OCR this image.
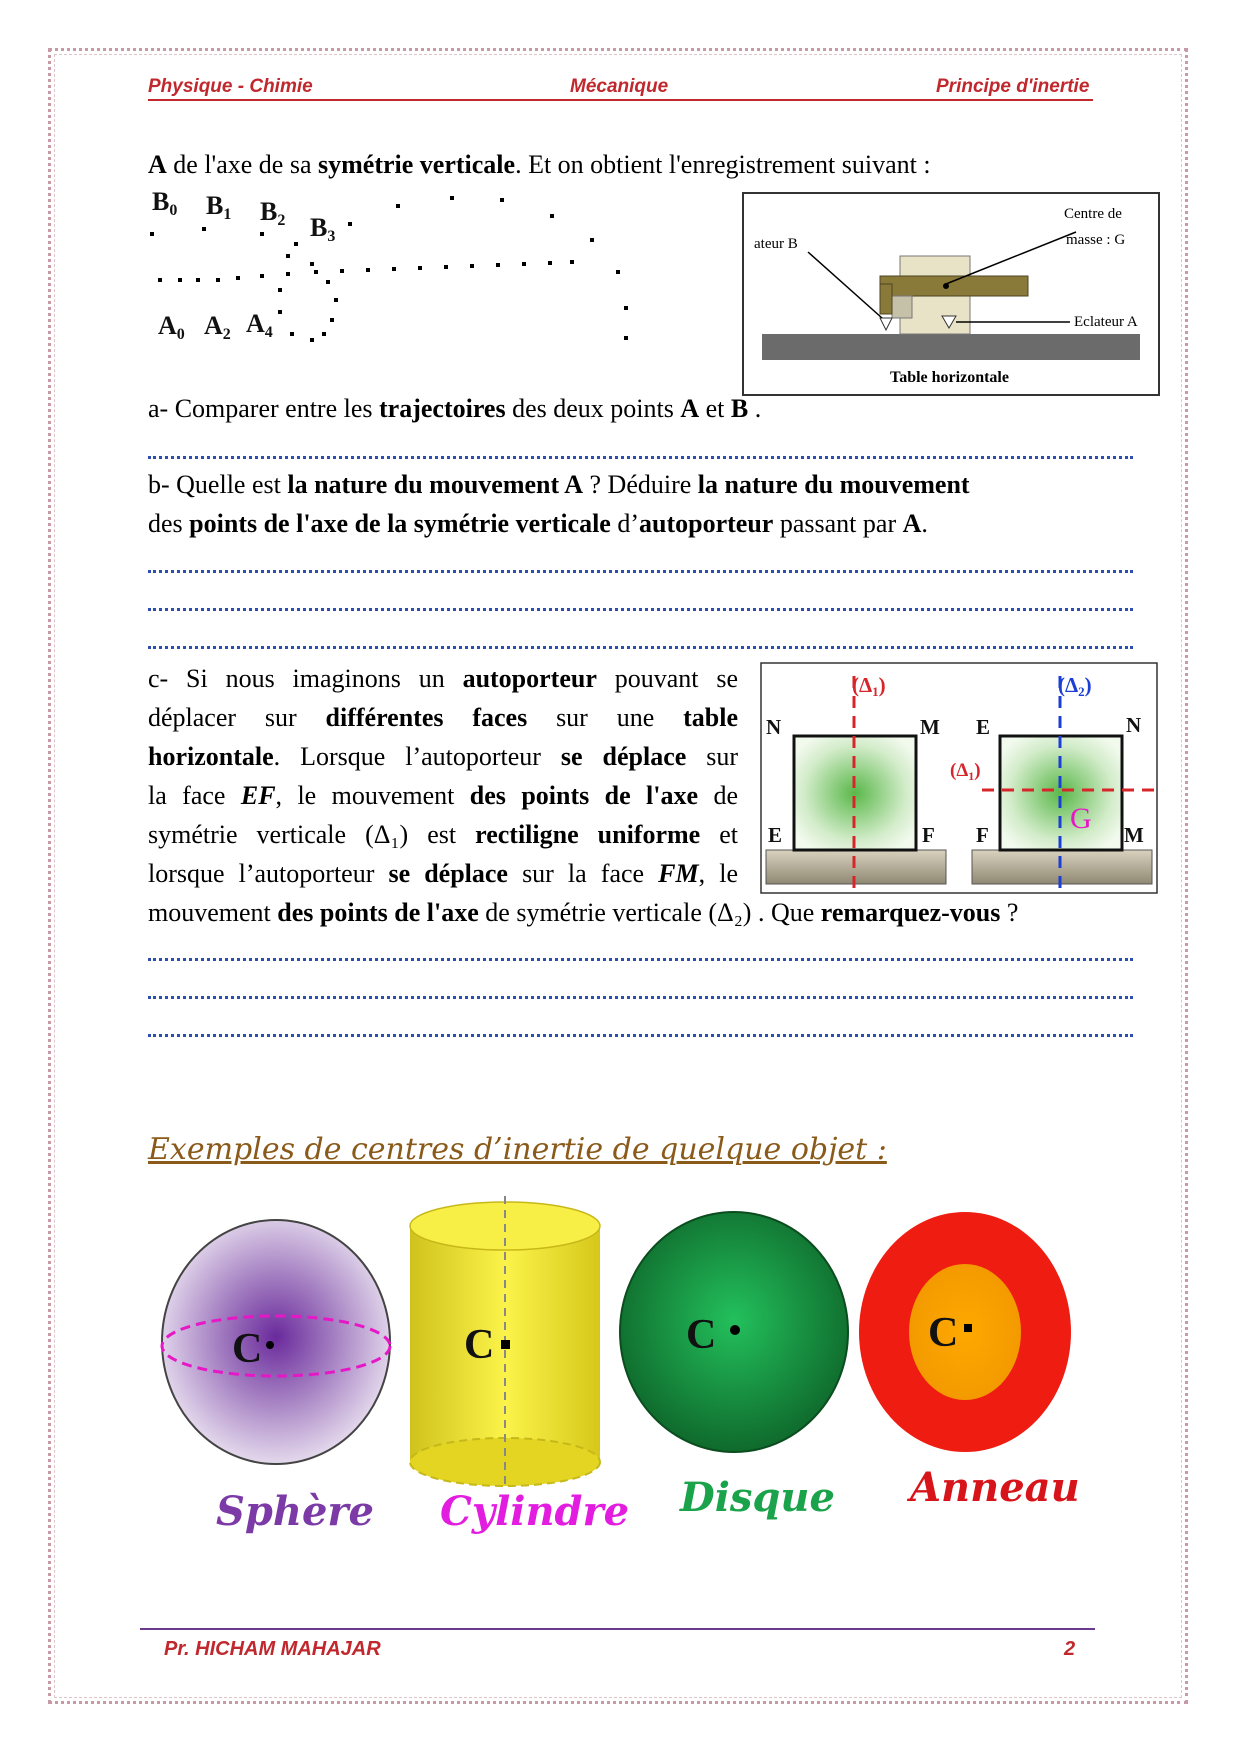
Physique - Chimie	Mécanique	Principe d'inertie
A de l'axe de sa symétrie verticale. Et on obtient l'enregistrement suivant :
B0 B1 B2 B3
A0 A2 A4
Centre de
masse : G
ateur B
Eclateur A
Table horizontale
a- Comparer entre les trajectoires des deux points A et B .
b- Quelle est la nature du mouvement A ? Déduire la nature du mouvement
des points de l'axe de la symétrie verticale d’autoporteur passant par A.
c- Si nous imaginons un autoporteur pouvant se
déplacer sur différentes faces sur une table
horizontale. Lorsque l’autoporteur se déplace sur
la face EF, le mouvement des points de l'axe de
symétrie verticale (Δ₁) est rectiligne uniforme et
lorsque l’autoporteur se déplace sur la face FM, le
mouvement des points de l'axe de symétrie verticale (Δ₂) . Que remarquez-vous ?
(Δ1)	(Δ2)
$(\Delta_1)$
N	M
E	F
E	N
F	M
G
Exemples de centres d’inertie de quelque objet :
C	C	C	C
Sphère Cylindre Disque Anneau
Pr. HICHAM MAHAJAR	2
